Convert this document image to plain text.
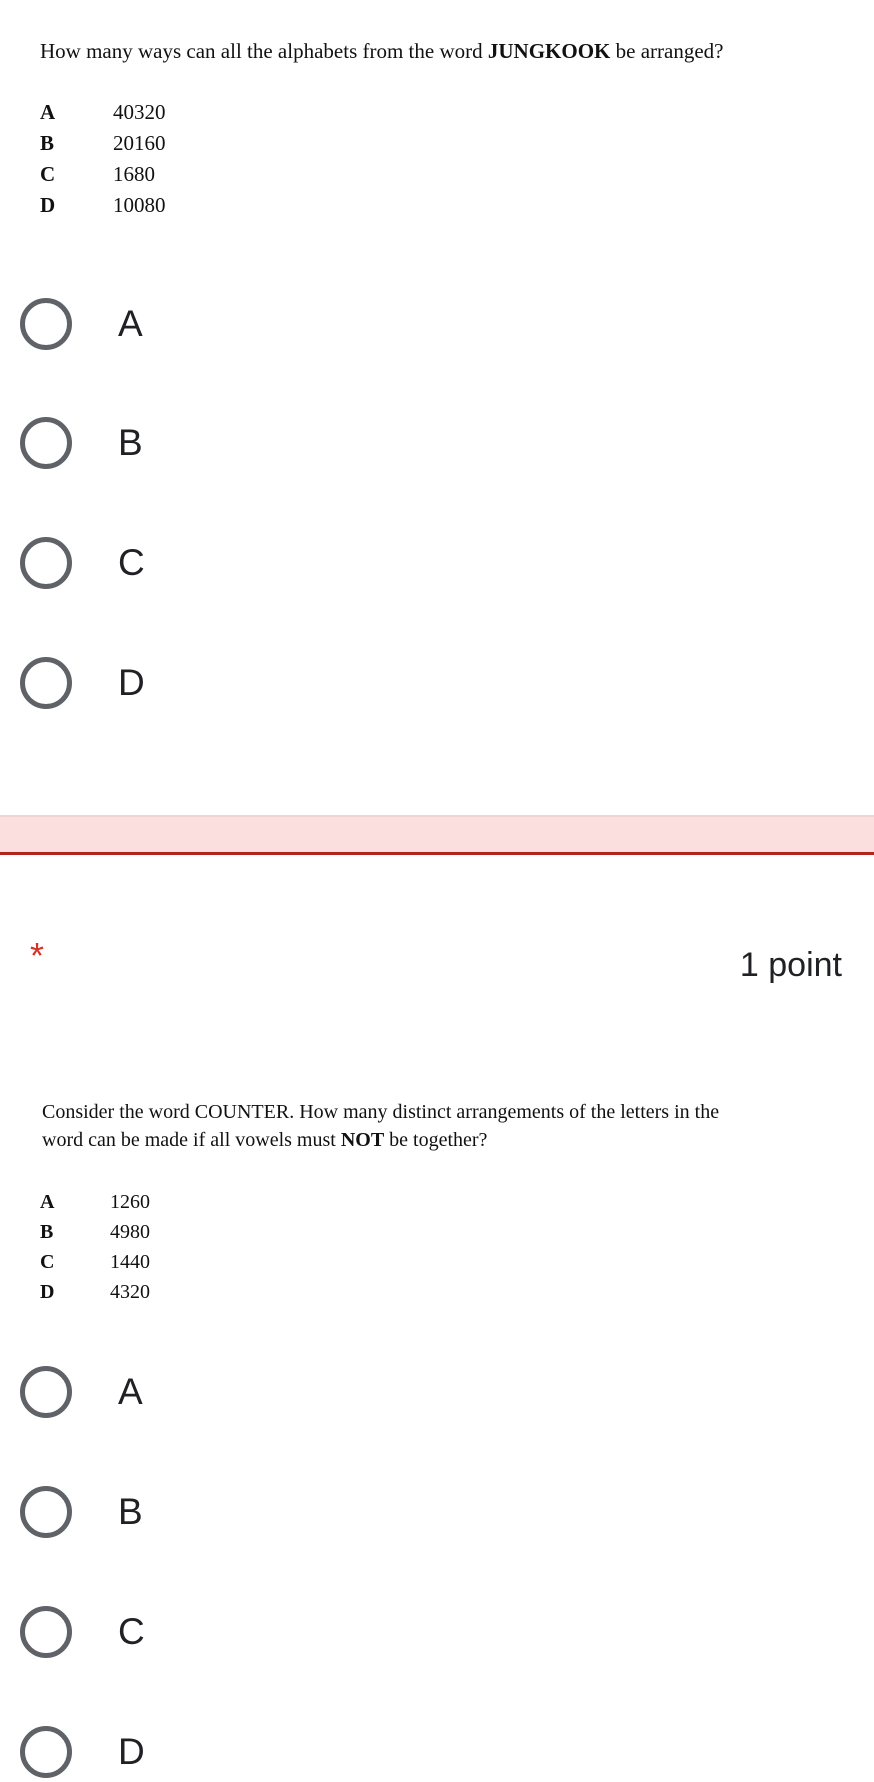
How many ways can all the alphabets from the word JUNGKOOK be arranged?
A	40320
B	20160
C	1680
D	10080
A
B
C
D
*	1 point
Consider the word COUNTER. How many distinct arrangements of the letters in the
word can be made if all vowels must NOT be together?
A	1260
B	4980
C	1440
D	4320
A
B
C
D
